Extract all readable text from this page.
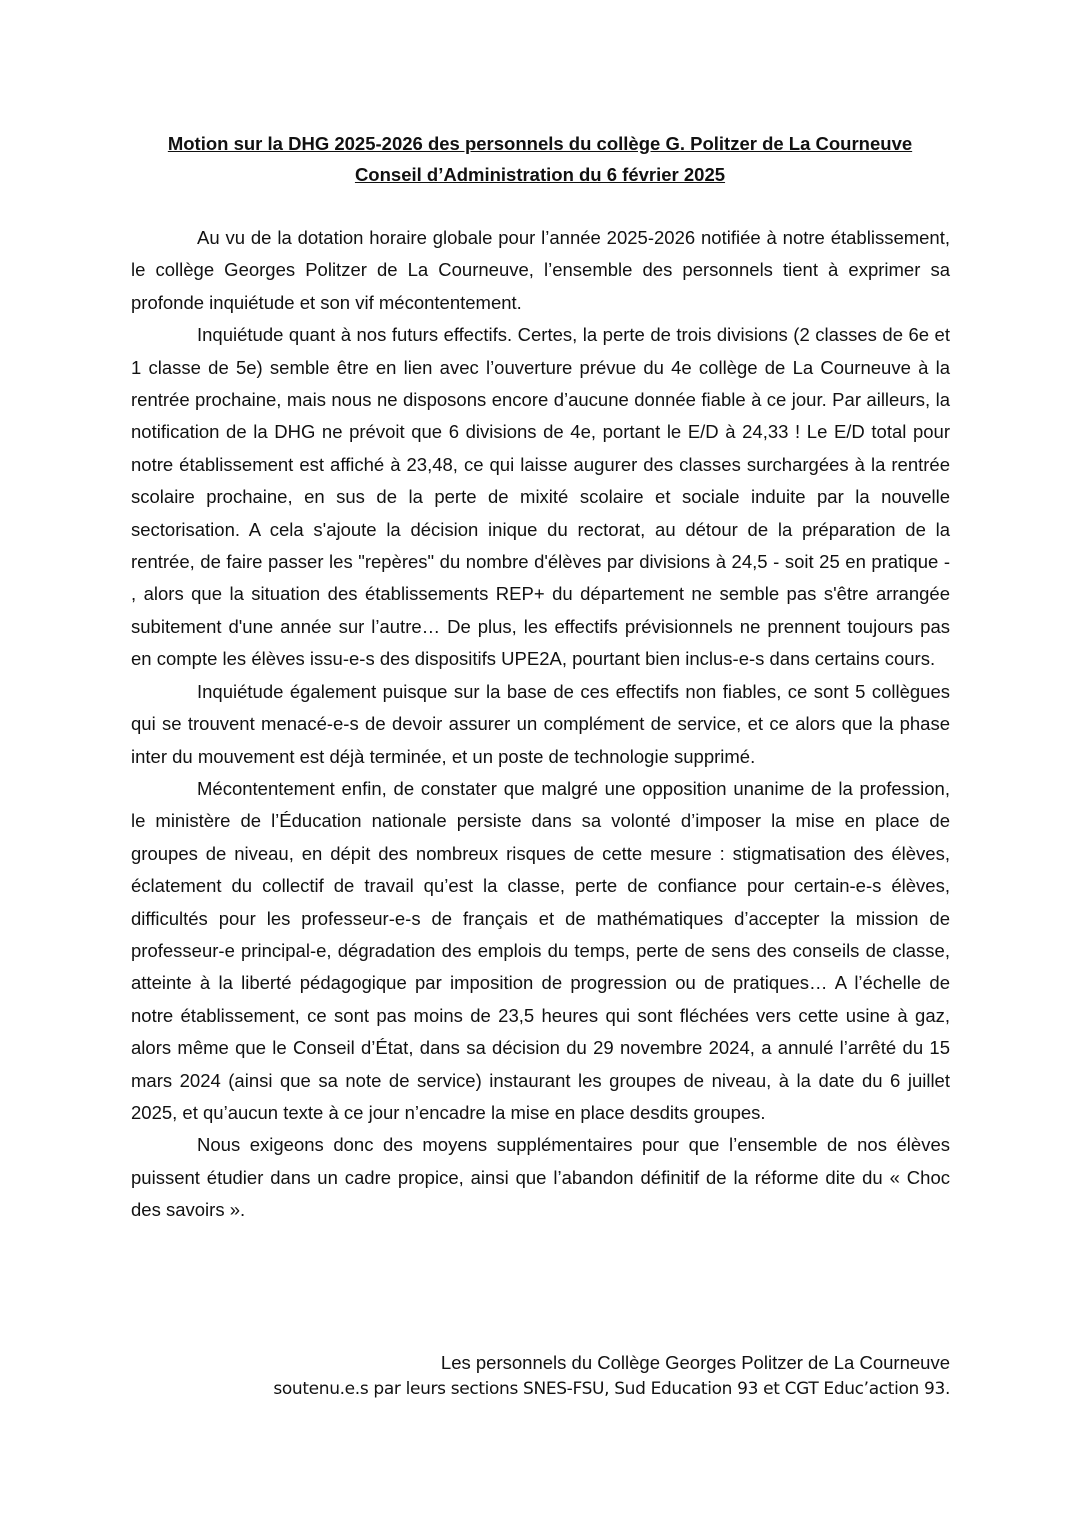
Motion sur la DHG 2025-2026 des personnels du collège G. Politzer de La Courneuve
Conseil d’Administration du 6 février 2025

Au vu de la dotation horaire globale pour l’année 2025-2026 notifiée à notre établissement, le collège Georges Politzer de La Courneuve, l’ensemble des personnels tient à exprimer sa profonde inquiétude et son vif mécontentement.

Inquiétude quant à nos futurs effectifs. Certes, la perte de trois divisions (2 classes de 6e et 1 classe de 5e) semble être en lien avec l’ouverture prévue du 4e collège de La Courneuve à la rentrée prochaine, mais nous ne disposons encore d’aucune donnée fiable à ce jour. Par ailleurs, la notification de la DHG ne prévoit que 6 divisions de 4e, portant le E/D à 24,33 ! Le E/D total pour notre établissement est affiché à 23,48, ce qui laisse augurer des classes surchargées à la rentrée scolaire prochaine, en sus de la perte de mixité scolaire et sociale induite par la nouvelle sectorisation. A cela s'ajoute la décision inique du rectorat, au détour de la préparation de la rentrée, de faire passer les "repères" du nombre d'élèves par divisions à 24,5 - soit 25 en pratique - , alors que la situation des établissements REP+ du département ne semble pas s'être arrangée subitement d'une année sur l’autre… De plus, les effectifs prévisionnels ne prennent toujours pas en compte les élèves issu-e-s des dispositifs UPE2A, pourtant bien inclus-e-s dans certains cours.

Inquiétude également puisque sur la base de ces effectifs non fiables, ce sont 5 collègues qui se trouvent menacé-e-s de devoir assurer un complément de service, et ce alors que la phase inter du mouvement est déjà terminée, et un poste de technologie supprimé.

Mécontentement enfin, de constater que malgré une opposition unanime de la profession, le ministère de l’Éducation nationale persiste dans sa volonté d’imposer la mise en place de groupes de niveau, en dépit des nombreux risques de cette mesure : stigmatisation des élèves, éclatement du collectif de travail qu’est la classe, perte de confiance pour certain-e-s élèves, difficultés pour les professeur-e-s de français et de mathématiques d’accepter la mission de professeur-e principal-e, dégradation des emplois du temps, perte de sens des conseils de classe, atteinte à la liberté pédagogique par imposition de progression ou de pratiques… A l’échelle de notre établissement, ce sont pas moins de 23,5 heures qui sont fléchées vers cette usine à gaz, alors même que le Conseil d’État, dans sa décision du 29 novembre 2024, a annulé l’arrêté du 15 mars 2024 (ainsi que sa note de service) instaurant les groupes de niveau, à la date du 6 juillet 2025, et qu’aucun texte à ce jour n’encadre la mise en place desdits groupes.

Nous exigeons donc des moyens supplémentaires pour que l’ensemble de nos élèves puissent étudier dans un cadre propice, ainsi que l’abandon définitif de la réforme dite du « Choc des savoirs ».

Les personnels du Collège Georges Politzer de La Courneuve
soutenu.e.s par leurs sections SNES-FSU, Sud Education 93 et CGT Educ’action 93.
